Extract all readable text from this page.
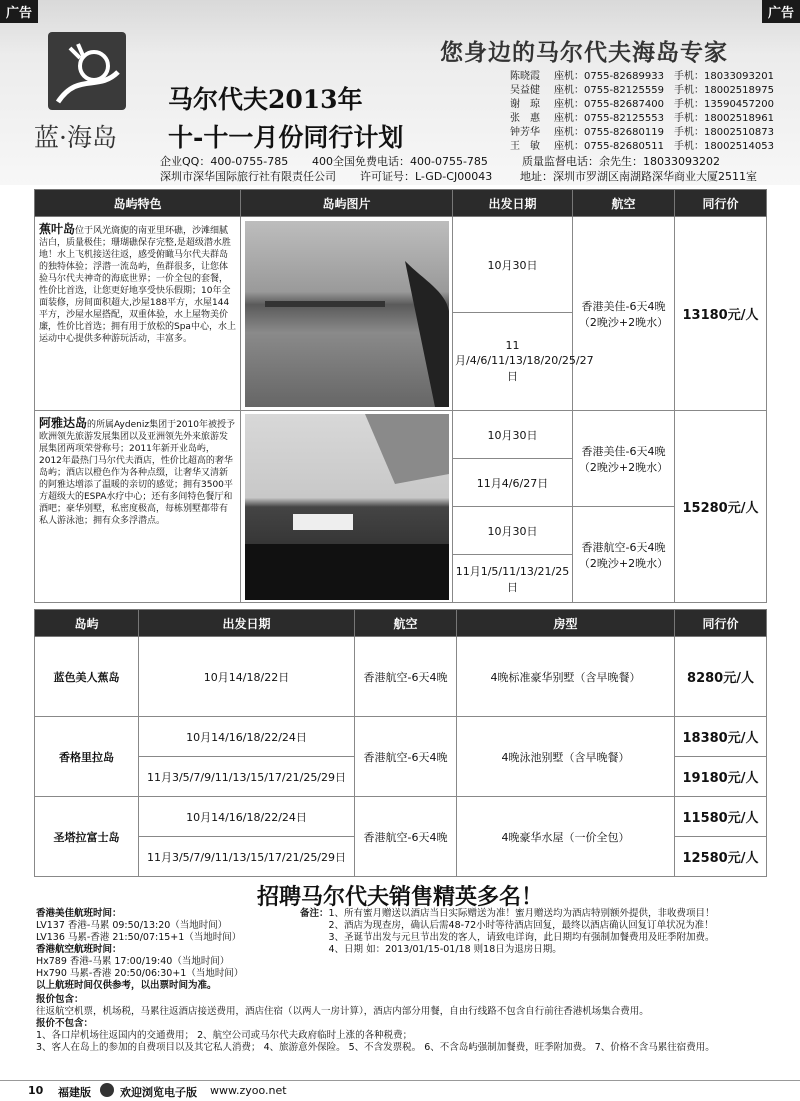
广告	广告
蓝·海岛
您身边的马尔代夫海岛专家
马尔代夫2013年
十-十一月份同行计划
陈晓霞 座机：0755-82689933 手机：18033093201
吴益健 座机：0755-82125559 手机：18002518975
谢　琼 座机：0755-82687400 手机：13590457200
张　惠 座机：0755-82125553 手机：18002518961
钟芳华 座机：0755-82680119 手机：18002510873
王　敏 座机：0755-82680511 手机：18002514053
企业QQ：400-0755-785 400全国免费电话：400-0755-785	质量监督电话：余先生：18033093202
深圳市深华国际旅行社有限责任公司 许可证号：L-GD-CJ00043	地址：深圳市罗湖区南湖路深华商业大厦2511室
岛屿特色	岛屿图片	出发日期	航空	同行价
蕉叶岛位于风光旖旎的南亚里环礁，沙滩细腻洁白，质量极佳；珊瑚礁保存完整,是超级潜水胜地！水上飞机接送往返，感受俯瞰马尔代夫群岛的独特体验；浮潜一流岛屿，鱼群很多，让您体验马尔代夫神奇的海底世界；一价全包的套餐，性价比首选，让您更好地享受快乐假期；10年全面装修，房间面积超大,沙屋188平方，水屋144平方，沙屋水屋搭配，双重体验，水上屋物美价廉，性价比首选；拥有用于放松的Spa中心，水上运动中心提供多种游玩活动，丰富多。		10月30日	香港美佳-6天4晚（2晚沙+2晚水）	13180元/人
		11月/4/6/11/13/18/20/25/27日		
阿雅达岛的所属Aydeniz集团于2010年被授予欧洲领先旅游发展集团以及亚洲领先外来旅游发展集团两项荣誉称号；2011年新开业岛屿，2012年最热门马尔代夫酒店，性价比超高的奢华岛屿；酒店以橙色作为各种点缀，让奢华又清新的阿雅达增添了温暖的亲切的感觉；拥有3500平方超级大的ESPA水疗中心；还有多间特色餐厅和酒吧；豪华别墅，私密度极高，每栋别墅都带有私人游泳池；拥有众多浮潜点。		10月30日	香港美佳-6天4晚（2晚沙+2晚水）	15280元/人
		11月4/6/27日		
		10月30日	香港航空-6天4晚（2晚沙+2晚水）	
		11月1/5/11/13/21/25日		
岛屿	出发日期	航空	房型	同行价
蓝色美人蕉岛	10月14/18/22日	香港航空-6天4晚	4晚标准豪华别墅（含早晚餐）	8280元/人
香格里拉岛	10月14/16/18/22/24日	香港航空-6天4晚	4晚泳池别墅（含早晚餐）	18380元/人
	11月3/5/7/9/11/13/15/17/21/25/29日			19180元/人
圣塔拉富士岛	10月14/16/18/22/24日	香港航空-6天4晚	4晚豪华水屋（一价全包）	11580元/人
	11月3/5/7/9/11/13/15/17/21/25/29日			12580元/人
招聘马尔代夫销售精英多名！
香港美佳航班时间：
LV137 香港-马累 09:50/13:20（当地时间）
LV136 马累-香港 21:50/07:15+1（当地时间）
香港航空航班时间：
Hx789 香港-马累 17:00/19:40（当地时间）
Hx790 马累-香港 20:50/06:30+1（当地时间）
以上航班时间仅供参考，以出票时间为准。
备注： 1、所有蜜月赠送以酒店当日实际赠送为准！蜜月赠送均为酒店特别额外提供，非收费项目！
2、酒店为现查房，确认后需48-72小时等待酒店回复，最终以酒店确认回复订单状况为准！
3、圣诞节出发与元旦节出发的客人，请致电详询，此日期均有强制加餐费用及旺季附加费。
4、日期 如：2013/01/15-01/18 则18日为退房日期。
报价包含：
往返航空机票，机场税，马累往返酒店接送费用，酒店住宿（以两人一房计算），酒店内部分用餐，自由行线路不包含自行前往香港机场集合费用。
报价不包含：
1、各口岸机场往返国内的交通费用； 2、航空公司或马尔代夫政府临时上涨的各种税费；
3、客人在岛上的参加的自费项目以及其它私人消费； 4、旅游意外保险。 5、不含发票税。 6、不含岛屿强制加餐费，旺季附加费。 7、价格不含马累往宿费用。
10 福建版	欢迎浏览电子版 www.zyoo.net
